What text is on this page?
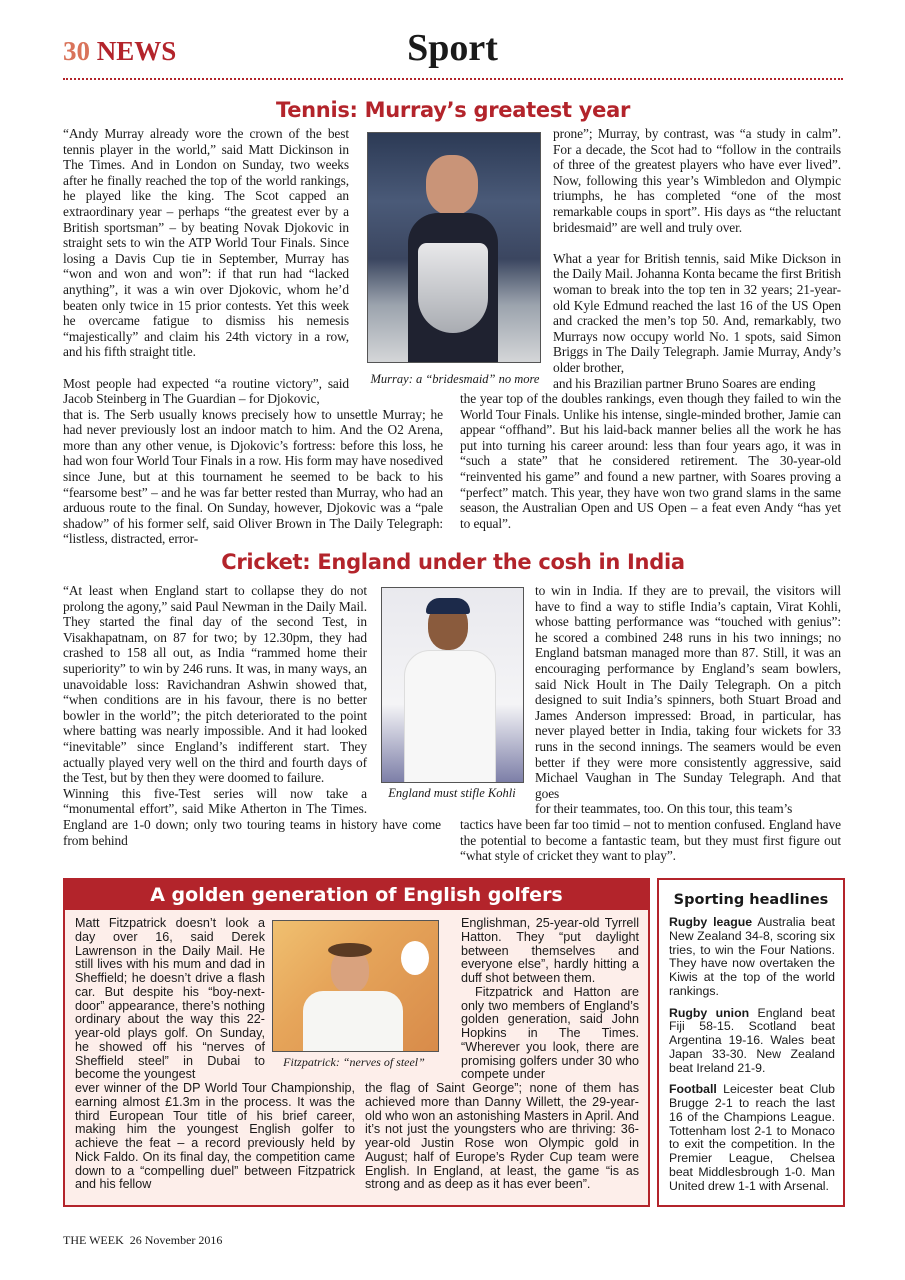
30 NEWS	Sport
Tennis: Murray’s greatest year

“Andy Murray already wore the crown of the best tennis player in the world,” said Matt Dickinson in The Times. And in London on Sunday, two weeks after he finally reached the top of the world rankings, he played like the king. The Scot capped an extraordinary year – perhaps “the greatest ever by a British sportsman” – by beating Novak Djokovic in straight sets to win the ATP World Tour Finals. Since losing a Davis Cup tie in September, Murray has “won and won and won”: if that run had “lacked anything”, it was a win over Djokovic, whom he’d beaten only twice in 15 prior contests. Yet this week he overcame fatigue to dismiss his nemesis “majestically” and claim his 24th victory in a row, and his fifth straight title.

Most people had expected “a routine victory”, said Jacob Steinberg in The Guardian – for Djokovic,

that is. The Serb usually knows precisely how to unsettle Murray; he had never previously lost an indoor match to him. And the O2 Arena, more than any other venue, is Djokovic’s fortress: before this loss, he had won four World Tour Finals in a row. His form may have nosedived since June, but at this tournament he seemed to be back to his “fearsome best” – and he was far better rested than Murray, who had an arduous route to the final. On Sunday, however, Djokovic was a “pale shadow” of his former self, said Oliver Brown in The Daily Telegraph: “listless, distracted, error-

Murray: a “bridesmaid” no more

prone”; Murray, by contrast, was “a study in calm”. For a decade, the Scot had to “follow in the contrails of three of the greatest players who have ever lived”. Now, following this year’s Wimbledon and Olympic triumphs, he has completed “one of the most remarkable coups in sport”. His days as “the reluctant bridesmaid” are well and truly over.

What a year for British tennis, said Mike Dickson in the Daily Mail. Johanna Konta became the first British woman to break into the top ten in 32 years; 21-year-old Kyle Edmund reached the last 16 of the US Open and cracked the men’s top 50. And, remarkably, two Murrays now occupy world No. 1 spots, said Simon Briggs in The Daily Telegraph. Jamie Murray, Andy’s older brother,

and his Brazilian partner Bruno Soares are ending

the year top of the doubles rankings, even though they failed to win the World Tour Finals. Unlike his intense, single-minded brother, Jamie can appear “offhand”. But his laid-back manner belies all the work he has put into turning his career around: less than four years ago, it was in “such a state” that he considered retirement. The 30-year-old “reinvented his game” and found a new partner, with Soares proving a “perfect” match. This year, they have won two grand slams in the same season, the Australian Open and US Open – a feat even Andy “has yet to equal”.

Cricket: England under the cosh in India

“At least when England start to collapse they do not prolong the agony,” said Paul Newman in the Daily Mail. They started the final day of the second Test, in Visakhapatnam, on 87 for two; by 12.30pm, they had crashed to 158 all out, as India “rammed home their superiority” to win by 246 runs. It was, in many ways, an unavoidable loss: Ravichandran Ashwin showed that, “when conditions are in his favour, there is no better bowler in the world”; the pitch deteriorated to the point where batting was nearly impossible. And it had looked “inevitable” since England’s indifferent start. They actually played very well on the third and fourth days of the Test, but by then they were doomed to failure.

Winning this five-Test series will now take a “monumental effort”, said Mike Atherton in The Times. England are 1-0 down; only two touring teams in history have come from behind

England must stifle Kohli

to win in India. If they are to prevail, the visitors will have to find a way to stifle India’s captain, Virat Kohli, whose batting performance was “touched with genius”: he scored a combined 248 runs in his two innings; no England batsman managed more than 87. Still, it was an encouraging performance by England’s seam bowlers, said Nick Hoult in The Daily Telegraph. On a pitch designed to suit India’s spinners, both Stuart Broad and James Anderson impressed: Broad, in particular, has never played better in India, taking four wickets for 33 runs in the second innings. The seamers would be even better if they were more consistently aggressive, said Michael Vaughan in The Sunday Telegraph. And that goes

for their teammates, too. On this tour, this team’s

tactics have been far too timid – not to mention confused. England have the potential to become a fantastic team, but they must first figure out “what style of cricket they want to play”.

A golden generation of English golfers

Matt Fitzpatrick doesn’t look a day over 16, said Derek Lawrenson in the Daily Mail. He still lives with his mum and dad in Sheffield; he doesn’t drive a flash car. But despite his “boy-next-door” appearance, there’s nothing ordinary about the way this 22-year-old plays golf. On Sunday, he showed off his “nerves of Sheffield steel” in Dubai to become the youngest

ever winner of the DP World Tour Championship, earning almost £1.3m in the process. It was the third European Tour title of his brief career, making him the youngest English golfer to achieve the feat – a record previously held by Nick Faldo. On its final day, the competition came down to a “compelling duel” between Fitzpatrick and his fellow

Fitzpatrick: “nerves of steel”

Englishman, 25-year-old Tyrrell Hatton. They “put daylight between themselves and everyone else”, hardly hitting a duff shot between them.

Fitzpatrick and Hatton are only two members of England’s golden generation, said John Hopkins in The Times. “Wherever you look, there are promising golfers under 30 who compete under

the flag of Saint George”; none of them has achieved more than Danny Willett, the 29-year-old who won an astonishing Masters in April. And it’s not just the youngsters who are thriving: 36-year-old Justin Rose won Olympic gold in August; half of Europe’s Ryder Cup team were English. In England, at least, the game “is as strong and as deep as it has ever been”.

Sporting headlines

Rugby league Australia beat New Zealand 34-8, scoring six tries, to win the Four Nations. They have now overtaken the Kiwis at the top of the world rankings.

Rugby union England beat Fiji 58-15. Scotland beat Argentina 19-16. Wales beat Japan 33-30. New Zealand beat Ireland 21-9.

Football Leicester beat Club Brugge 2-1 to reach the last 16 of the Champions League. Tottenham lost 2-1 to Monaco to exit the competition. In the Premier League, Chelsea beat Middlesbrough 1-0. Man United drew 1-1 with Arsenal.

THE WEEK 26 November 2016
